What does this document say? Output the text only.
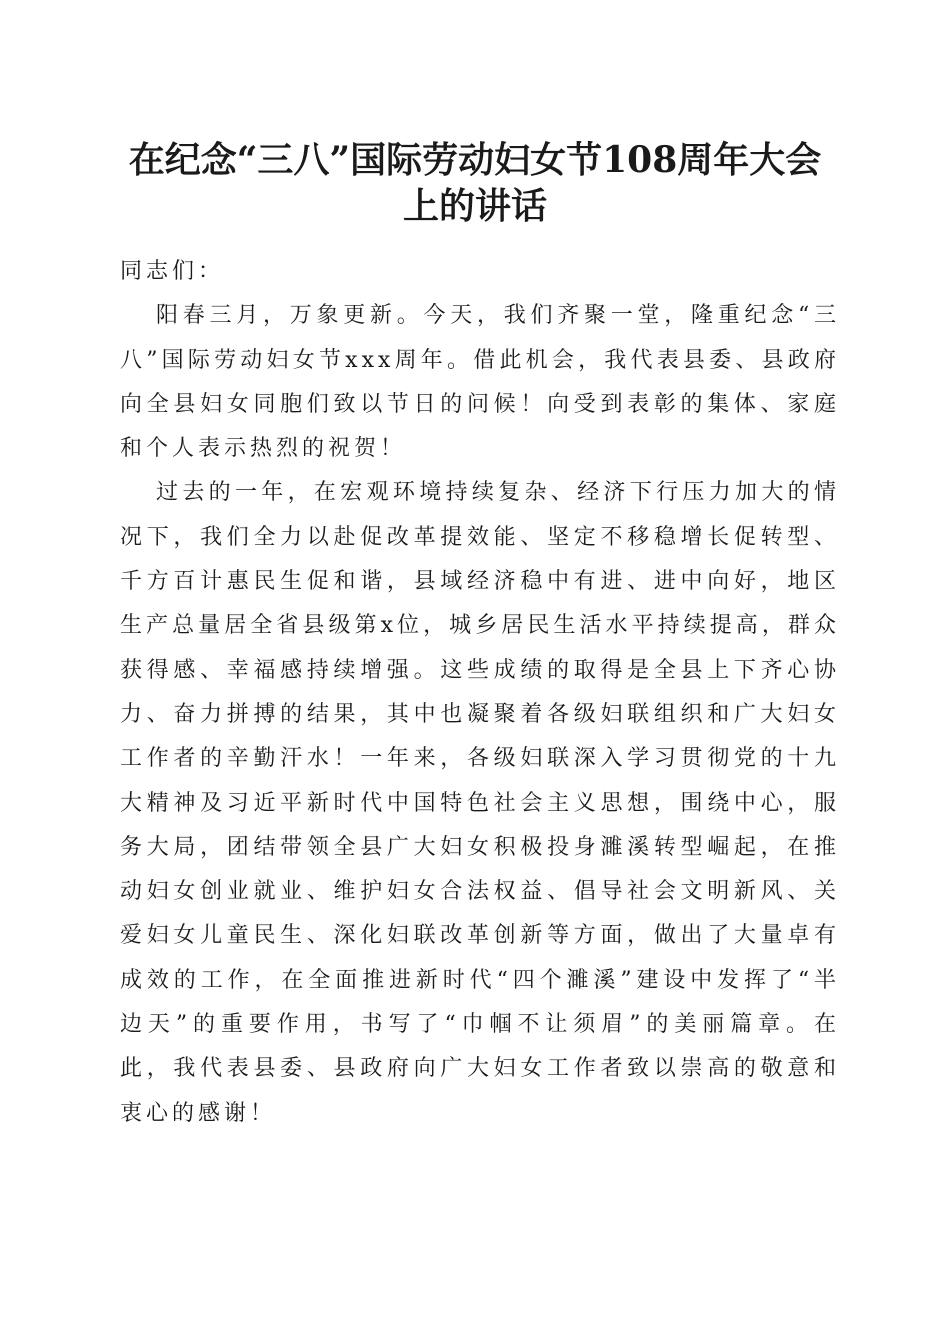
在纪念“三八”国际劳动妇女节108周年大会
上的讲话

同志们：

阳春三月，万象更新。今天，我们齐聚一堂，隆重纪念“三八”国际劳动妇女节xxx周年。借此机会，我代表县委、县政府向全县妇女同胞们致以节日的问候！向受到表彰的集体、家庭和个人表示热烈的祝贺！

过去的一年，在宏观环境持续复杂、经济下行压力加大的情况下，我们全力以赴促改革提效能、坚定不移稳增长促转型、千方百计惠民生促和谐，县域经济稳中有进、进中向好，地区生产总量居全省县级第x位，城乡居民生活水平持续提高，群众获得感、幸福感持续增强。这些成绩的取得是全县上下齐心协力、奋力拼搏的结果，其中也凝聚着各级妇联组织和广大妇女工作者的辛勤汗水！一年来，各级妇联深入学习贯彻党的十九大精神及习近平新时代中国特色社会主义思想，围绕中心，服务大局，团结带领全县广大妇女积极投身濉溪转型崛起，在推动妇女创业就业、维护妇女合法权益、倡导社会文明新风、关爱妇女儿童民生、深化妇联改革创新等方面，做出了大量卓有成效的工作，在全面推进新时代“四个濉溪”建设中发挥了“半边天”的重要作用，书写了“巾帼不让须眉”的美丽篇章。在此，我代表县委、县政府向广大妇女工作者致以崇高的敬意和衷心的感谢！
